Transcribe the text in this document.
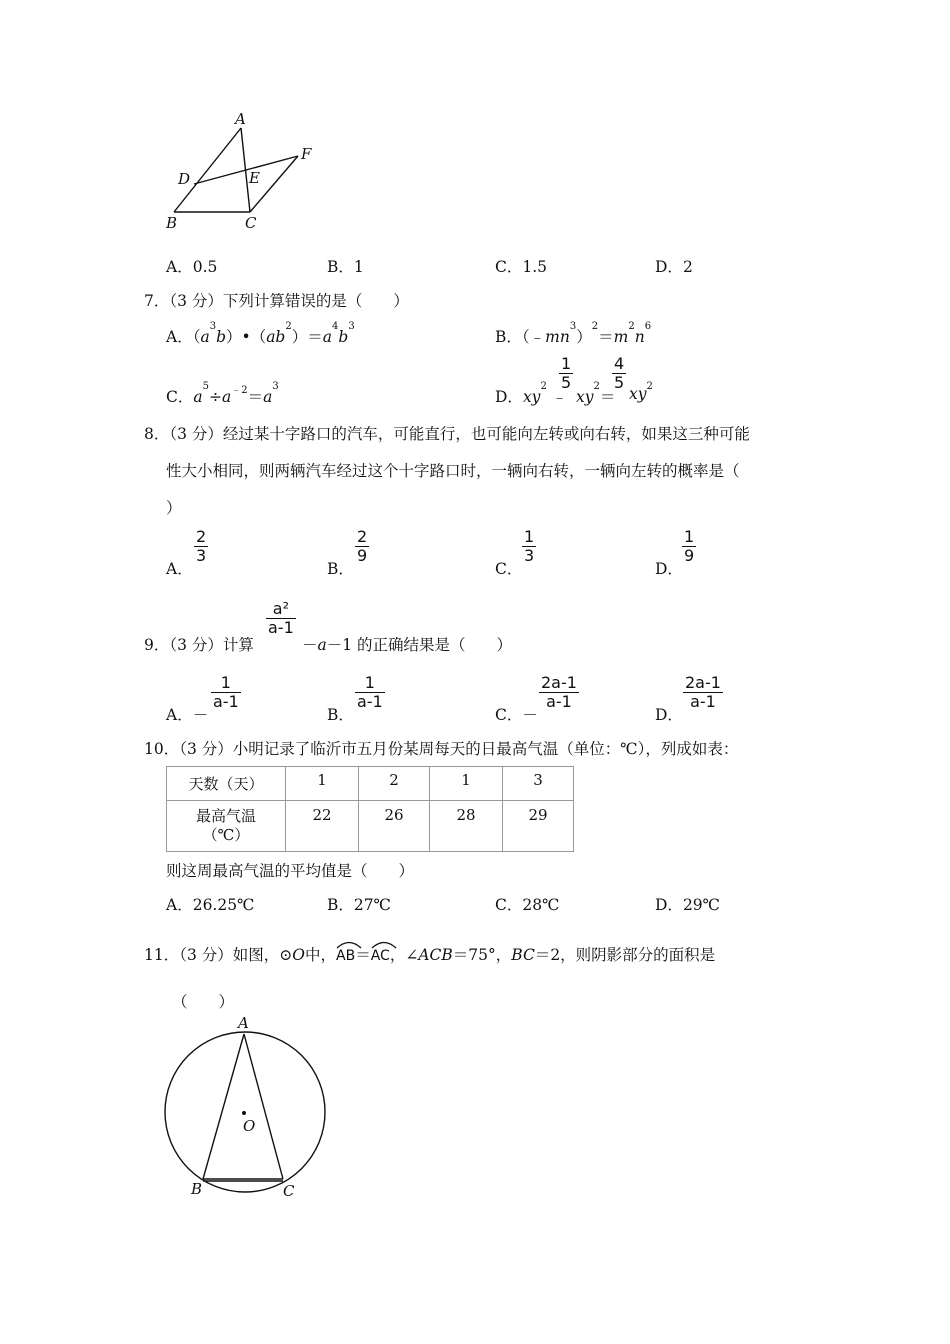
A
D	E
F
B	C
A．0.5	B．1	C．1.5	D．2
7．（3 分）下列计算错误的是（　　）
A．$(a^3b)•(ab^2)=a^4b^3$
B．$(﹣mn^3)^2=m^2n^6$
C．$a^5\div a^{﹣2}=a^3$
D．$xy^2$ ﹣
1
5
$xy^2=$
4
5
$xy^2$
8．（3 分）经过某十字路口的汽车，可能直行，也可能向左转或向右转，如果这三种可能
性大小相同，则两辆汽车经过这个十字路口时，一辆向右转，一辆向左转的概率是（
）
A．
2
3
B．
2
9
C．
1
3
D．
1
9
9．（3 分）计算
a²
a-1
－a－1 的正确结果是（　　）
A．－
1
a-1
B．
1
a-1
C．－
2a-1
a-1
D．
2a-1
a-1
10．（3 分）小明记录了临沂市五月份某周每天的日最高气温（单位：℃），列成如表：
天数（天）	1	2	1	3

最高气温
（℃）	22	26	28	29
则这周最高气温的平均值是（　　）
A．26.25℃	B．27℃	C．28℃	D．29℃
11．（3 分）如图，⊙O中，
AB＝
AC，∠ACB＝75°，BC＝2，则阴影部分的面积是
（　　）
A
O
B	C
